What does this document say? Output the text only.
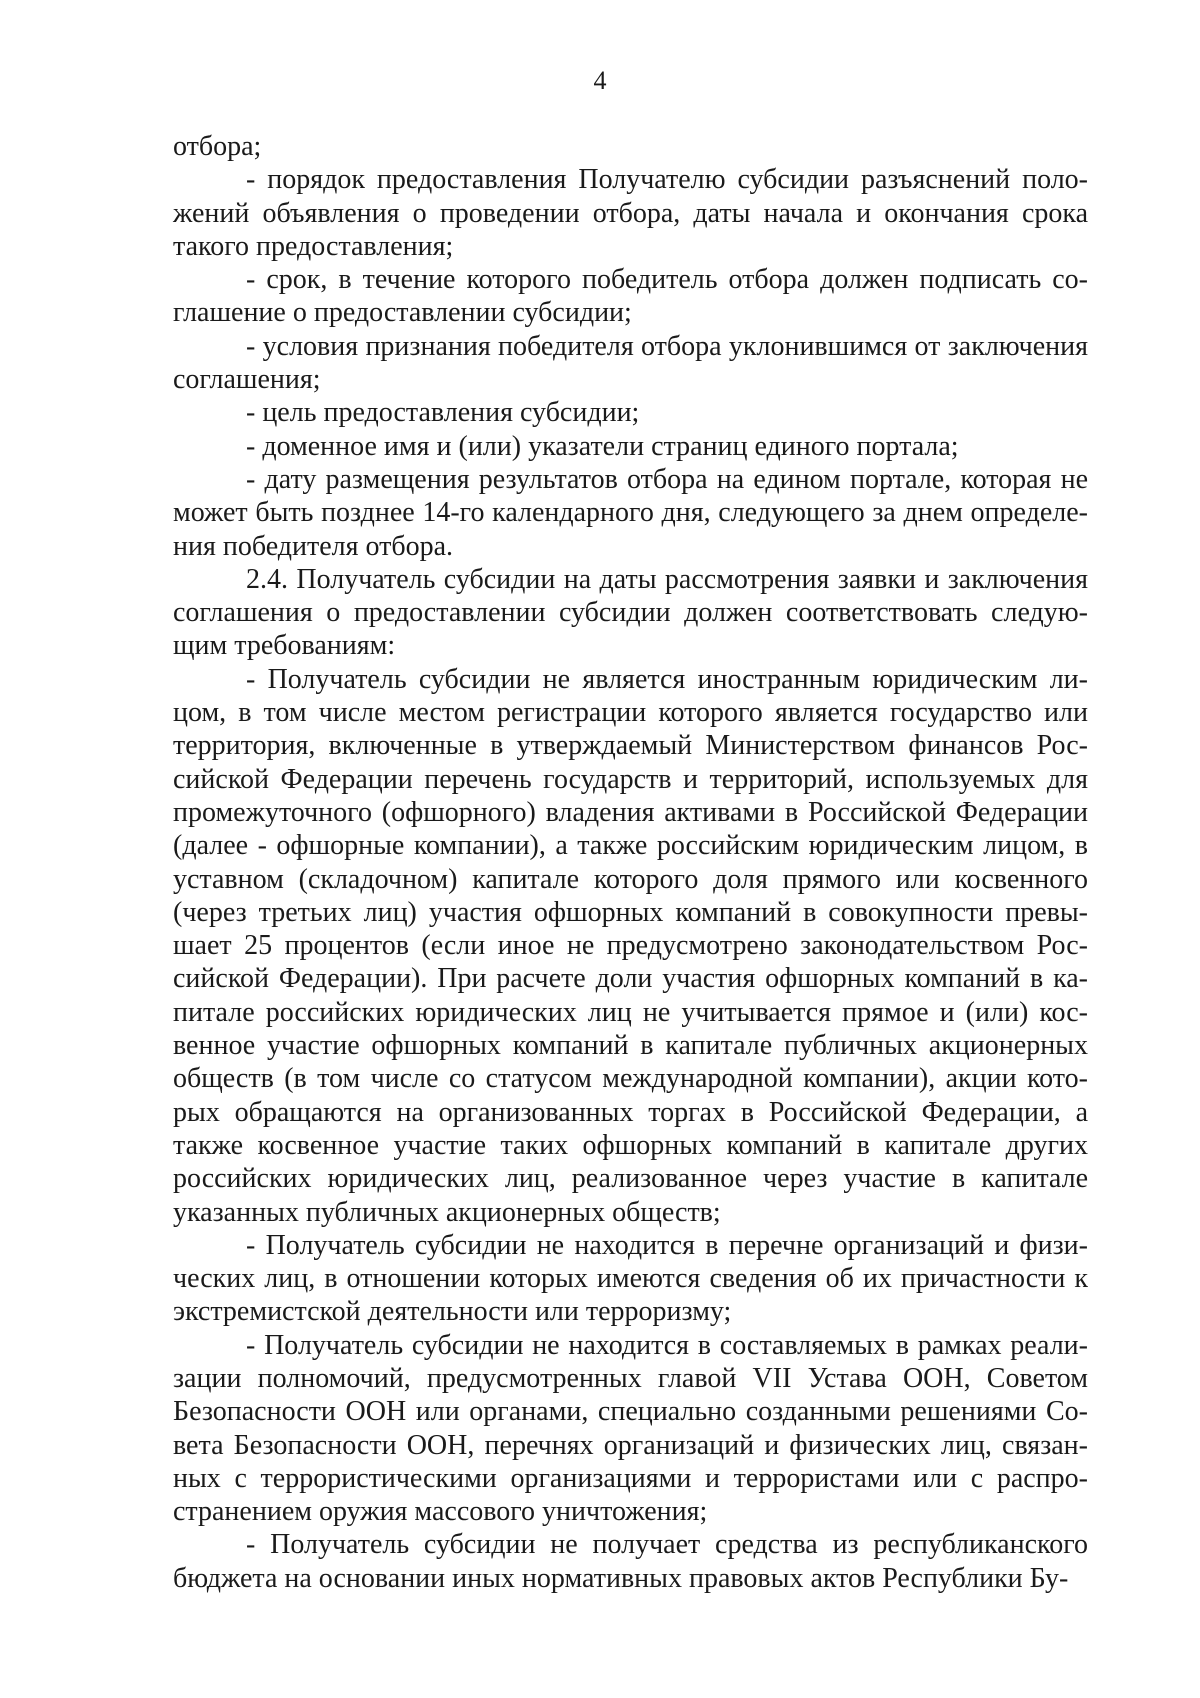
4

отбора;

- порядок предоставления Получателю субсидии разъяснений положений объявления о проведении отбора, даты начала и окончания срока такого предоставления;

- срок, в течение которого победитель отбора должен подписать соглашение о предоставлении субсидии;

- условия признания победителя отбора уклонившимся от заключения соглашения;

- цель предоставления субсидии;

- доменное имя и (или) указатели страниц единого портала;

- дату размещения результатов отбора на едином портале, которая не может быть позднее 14-го календарного дня, следующего за днем определения победителя отбора.

2.4. Получатель субсидии на даты рассмотрения заявки и заключения соглашения о предоставлении субсидии должен соответствовать следующим требованиям:

- Получатель субсидии не является иностранным юридическим лицом, в том числе местом регистрации которого является государство или территория, включенные в утверждаемый Министерством финансов Российской Федерации перечень государств и территорий, используемых для промежуточного (офшорного) владения активами в Российской Федерации (далее - офшорные компании), а также российским юридическим лицом, в уставном (складочном) капитале которого доля прямого или косвенного (через третьих лиц) участия офшорных компаний в совокупности превышает 25 процентов (если иное не предусмотрено законодательством Российской Федерации). При расчете доли участия офшорных компаний в капитале российских юридических лиц не учитывается прямое и (или) косвенное участие офшорных компаний в капитале публичных акционерных обществ (в том числе со статусом международной компании), акции которых обращаются на организованных торгах в Российской Федерации, а также косвенное участие таких офшорных компаний в капитале других российских юридических лиц, реализованное через участие в капитале указанных публичных акционерных обществ;

- Получатель субсидии не находится в перечне организаций и физических лиц, в отношении которых имеются сведения об их причастности к экстремистской деятельности или терроризму;

- Получатель субсидии не находится в составляемых в рамках реализации полномочий, предусмотренных главой VII Устава ООН, Советом Безопасности ООН или органами, специально созданными решениями Совета Безопасности ООН, перечнях организаций и физических лиц, связанных с террористическими организациями и террористами или с распространением оружия массового уничтожения;

- Получатель субсидии не получает средства из республиканского бюджета на основании иных нормативных правовых актов Республики Бу-
